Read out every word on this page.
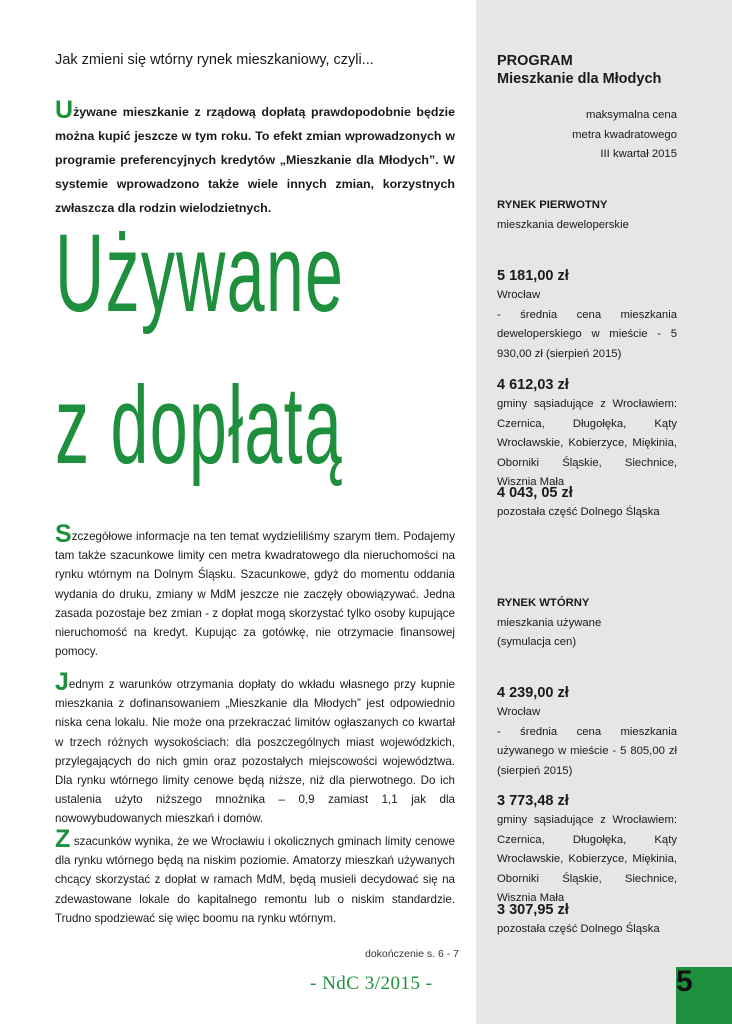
Jak zmieni się wtórny rynek mieszkaniowy, czyli...
Używane mieszkanie z rządową dopłatą prawdopodobnie będzie można kupić jeszcze w tym roku. To efekt zmian wprowadzonych w programie preferencyjnych kredytów „Mieszkanie dla Młodych”. W systemie wprowadzono także wiele innych zmian, korzystnych zwłaszcza dla rodzin wielodzietnych.
Używane
z dopłatą
Szczegółowe informacje na ten temat wydzieliliśmy szarym tłem. Podajemy tam także szacunkowe limity cen metra kwadratowego dla nieruchomości na rynku wtórnym na Dolnym Śląsku. Szacunkowe, gdyż do momentu oddania wydania do druku, zmiany w MdM jeszcze nie zaczęły obowiązywać. Jedna zasada pozostaje bez zmian - z dopłat mogą skorzystać tylko osoby kupujące nieruchomość na kredyt. Kupując za gotówkę, nie otrzymacie finansowej pomocy.
Jednym z warunków otrzymania dopłaty do wkładu własnego przy kupnie mieszkania z dofinansowaniem „Mieszkanie dla Młodych” jest odpowiednio niska cena lokalu. Nie może ona przekraczać limitów ogłaszanych co kwartał w trzech różnych wysokościach: dla poszczególnych miast wojewódzkich, przylegających do nich gmin oraz pozostałych miejscowości województwa. Dla rynku wtórnego limity cenowe będą niższe, niż dla pierwotnego. Do ich ustalenia użyto niższego mnożnika – 0,9 zamiast 1,1 jak dla nowowybudowanych mieszkań i domów.
Z szacunków wynika, że we Wrocławiu i okolicznych gminach limity cenowe dla rynku wtórnego będą na niskim poziomie. Amatorzy mieszkań używanych chcący skorzystać z dopłat w ramach MdM, będą musieli decydować się na zdewastowane lokale do kapitalnego remontu lub o niskim standardzie. Trudno spodziewać się więc boomu na rynku wtórnym.
dokończenie s. 6 - 7
- NdC 3/2015 -	5
PROGRAM
Mieszkanie dla Młodych
maksymalna cena
metra kwadratowego
III kwartał 2015
RYNEK PIERWOTNY
mieszkania deweloperskie
5 181,00 zł
Wrocław
- średnia cena mieszkania deweloperskiego w mieście - 5 930,00 zł (sierpień 2015)
4 612,03 zł
gminy sąsiadujące z Wrocławiem: Czernica, Długołęka, Kąty Wrocławskie, Kobierzyce, Miękinia, Oborniki Śląskie, Siechnice, Wisznia Mała
4 043, 05 zł
pozostała część Dolnego Śląska
RYNEK WTÓRNY
mieszkania używane
(symulacja cen)
4 239,00 zł
Wrocław
- średnia cena mieszkania używanego w mieście - 5 805,00 zł (sierpień 2015)
3 773,48 zł
gminy sąsiadujące z Wrocławiem: Czernica, Długołęka, Kąty Wrocławskie, Kobierzyce, Miękinia, Oborniki Śląskie, Siechnice, Wisznia Mała
3 307,95 zł
pozostała część Dolnego Śląska
